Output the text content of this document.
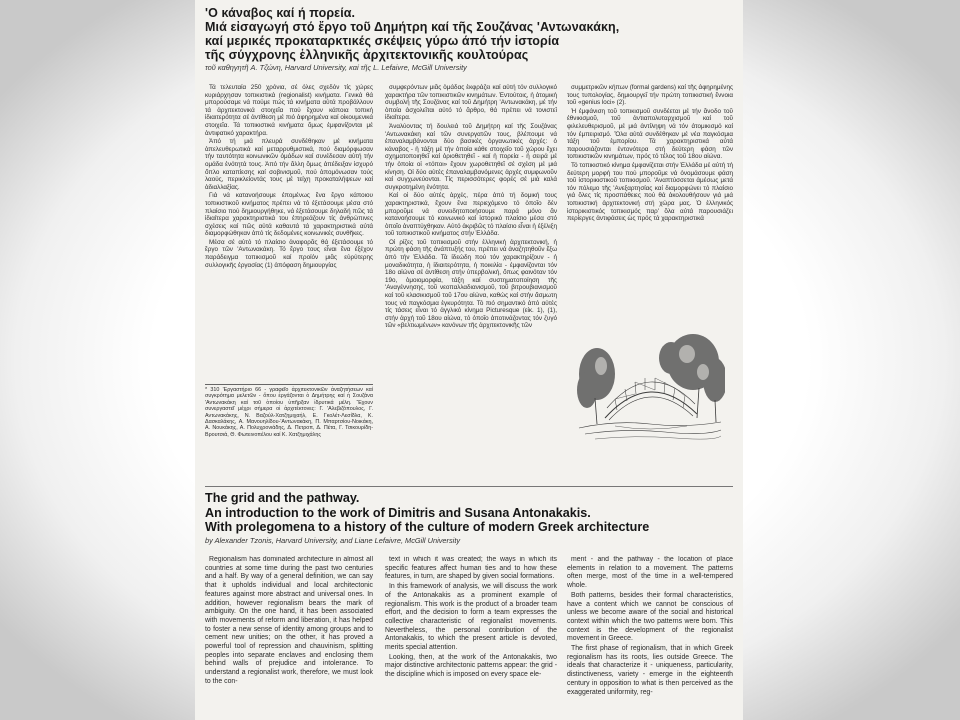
'Ο κάναβος καί ή πορεία.
Μιά εἰσαγωγή στό ἔργο τοῦ Δημήτρη καί τῆς Σουζάνας 'Αντωνακάκη,
καί μερικές προκαταρκτικές σκέψεις γύρω άπό τήν ἱστορία
τῆς σύγχρονης ἑλληνικῆς ἀρχιτεκτονικῆς κουλτούρας
τοῦ καθηγητῆ A. Τζώνη, Harvard University, καί τῆς L. Lefaivre, McGill University

Τά τελευταία 250 χρόνια, σέ όλες σχεδόν τίς χώρες κυριάρχησαν τοπικιστικά (regionalist) κινήματα. Γενικά θά μπορούσαμε νά πούμε πώς τά κινήματα αὐτά προβάλλουν τά ἀρχιτεκτονικά στοιχεῖα πού ἔχουν κάποια τοπική ἰδιαιτερότητα σέ ἀντίθεση μέ πιό ἀφηρημένα καί οἰκουμενικά στοιχεῖα. Τά τοπικιστικά κινήματα ὅμως ἐμφανίζονται μέ ἀντιφατικό χαρακτήρα.

Ἀπό τή μιά πλευρά συνδέθηκαν μέ κινήματα ἀπελευθερωτικά καί μεταρρυθμιστικά, πού διαμόρφωσαν τήν ταυτότητα κοινωνικῶν ὁμάδων καί συνέδεσαν αὐτή τήν ομάδα ἐνότητά τους. Ἀπό τήν ἄλλη ὅμως ἀπέδειξαν ἰσχυρό ὅπλο καταπίεσης καί σοβινισμοῦ, πού ἀπομόνωσαν τούς λαούς, περικλείοντάς τους μέ τείχη προκαταλήψεων καί ἀδιαλλαξίας.

Γιά νά κατανοήσουμε ἐπομένως ἕνα ἔργο κάποιου τοπικιστικοῦ κινήματος πρέπει νά τό ἐξετάσουμε μέσα στό πλαίσιο πού δημιουργήθηκε, νά ἐξετάσουμε δηλαδή πῶς τά ἰδιαίτερα χαρακτηριστικά του ἐπηρεάζουν τίς ἀνθρώπινες σχέσεις καί πῶς αὐτά καθαυτά τά χαρακτηριστικά αὐτά διαμορφώθηκαν ἀπό τίς δεδομένες κοινωνικές συνθῆκες.

Μέσα σέ αὐτό τό πλαίσιο ἀναφορᾶς θά ἐξετάσουμε τό ἔργο τῶν 'Αντωνακάκη. Τό ἔργο τους εἶναι ἕνα ἐξέχον παράδειγμα τοπικισμοῦ καί προϊόν μιᾶς εὐρύτερης συλλογικῆς ἐργασίας (1) ἀπόφαση δημιουργίας

* 310 'Εργαστήριο 66 - γραφεῖο ἀρχιτεκτονικῶν ἀναζητήσεων καί συγκρότημα μελετῶν - ὅπου ἐργάζονται ὁ Δημήτρης καί ἡ Σουζάνα 'Αντωνακάκη καί τοῦ ὁποίου ὑπῆρξαν ἱδρυτικά μέλη. Ἔχουν συνεργαστεῖ μέχρι σήμερα οἱ ἀρχιτέκτονες: Γ. 'Αλεβιζόπουλος, Γ. Αντωνακάκης, Ν. Βαζούλ-Χατζημιχαήλ, Ε. Γκολέτ-Λεσίδλα, Κ. Δασκαλάκης, Α. Μανουηλίδου-'Αντωνακάκη, Π. Μπαρτσίου-Νοικάκη, Α. Νουκάκης, Α. Πολυχρονιάδης, Δ. Πετροπ, Δ. Πέτα, Γ. Τσικουρίδη-Βρουτσιά, Θ. Φωτεινοπέλου καί Κ. Χατζημιχάλης

συμφερόντων μιᾶς ὁμάδας ἐκφράζει καί αὐτή τόν συλλογικό χαρακτήρα τῶν τοπικιστικῶν κινημάτων. Ἐντούτοις, ἡ ἀτομική συμβολή τῆς Σουζάνας καί τοῦ Δημήτρη 'Αντωνακάκη, μέ τήν ὁποία ἀσχολεῖται αὐτό τό ἄρθρο, θά πρέπει νά τονιστεῖ ἰδιαίτερα.

Ἀναλύοντας τή δουλειά τοῦ Δημήτρη καί τῆς Σουζάνας 'Αντωνακάκη καί τῶν συνεργατῶν τους, βλέπουμε νά ἐπαναλαμβάνονται δύο βασικές ὀργανωτικές ἀρχές: ὁ κάναβος - ἡ τάξη μέ τήν ὁποία κάθε στοιχεῖο τοῦ χώρου ἔχει σχηματοποιηθεῖ καί ὀριοθετηθεῖ - καί ἡ πορεία - ἡ σειρά μέ τήν ὁποία οἱ «τόποι» ἔχουν χωροθετηθεῖ σέ σχέση μέ μιά κίνηση. Οἱ δύο αὐτές ἐπαναλαμβανόμενες ἀρχές συμφωνοῦν καί συγχωνεύονται. Τίς περισσότερες φορές σέ μιά καλά συγκροτημένη ἑνότητα.

Καί οἱ δύο αὐτές ἀρχές, πέρα ἀπό τή δομική τους χαρακτηριστικά, ἔχουν ἕνα περιεχόμενο τό ὁποῖο δέν μποροῦμε νά συνειδητοποιήσουμε παρά μόνο ἄν κατανοήσουμε τό κοινωνικό καί ἱστορικό πλαίσιο μέσα στό ὁποῖο ἀναπτύχθηκαν. Αὐτό ἀκριβῶς τό πλαίσιο εἶναι ἡ ἐξέλιξη τοῦ τοπικιστικοῦ κινήματος στήν Ἑλλάδα.

Οἱ ρίζες τοῦ τοπικισμοῦ στήν ἑλληνική ἀρχιτεκτονική, ἡ πρώτη φάση τῆς ἀνάπτυξής του, πρέπει νά ἀναζητηθοῦν ἔξω ἀπό τήν Ἑλλάδα. Τά ἰδεώδη πού τόν χαρακτηρίζουν - ἡ μοναδικότητα, ἡ ἰδιαιτερότητα, ἡ ποικιλία - ἐμφανίζονται τόν 18ο αἰώνα σέ ἀντίθεση στήν ὑπερβολική, ὅπως φαινόταν τόν 19ο, ὁμοιομορφία, τάξη καί συστηματοποίηση τῆς 'Αναγέννησης, τοῦ νεοπαλλαδιανισμοῦ, τοῦ βιτρουβιανισμοῦ καί τοῦ κλασικισμοῦ τοῦ 17ου αἰώνα, καθώς καί στήν ἄσμωτη τους νά παγκόσμια ἐγκυρότητα. Τό πιό σημαντικό ἀπό αὐτές τίς τάσεις εἶναι τό ἀγγλικό κίνημα Picturesque (εἰκ. 1), (1), στήν ἀρχή τοῦ 18ου αἰώνα, τό ὁποῖο ἀποτινάζοντας τόν ζυγό τῶν «βελτιωμένων» κανόνων τῆς ἀρχιτεκτονικῆς τῶν

συμμετρικῶν κήπων (formal gardens) καί τῆς ἀφηρημένης τους τυπολογίας, δημιουργεῖ τήν πρώτη τοπικιστική ἔννοια τοῦ «genius loci» (2).

Ἡ ἐμφάνιση τοῦ τοπικισμοῦ συνδέεται μέ τήν ἄνοδο τοῦ ἐθνικισμοῦ, τοῦ ἀντιαπολυταρχισμοῦ καί τοῦ φιλελευθερισμοῦ, μέ μιά ἀντίληψη νά τόν ἀτομικισμό καί τόν ἐμπειρισμό. Ὅλα αὐτά συνδέθηκαν μέ νέα παγκόσμια τάξη τοῦ ἐμπορίου. Τά χαρακτηριστικά αὐτά παρουσιάζονται ἐντονότερα στή δεύτερη φάση τῶν τοπικιστικῶν κινημάτων, πρός τό τέλος τοῦ 18ου αἰώνα.

Τό τοπικιστικό κίνημα ἐμφανίζεται στήν Ἑλλάδα μέ αὐτή τή δεύτερη μορφή του πού μποροῦμε νά ὀνομάσουμε φάση τοῦ ἱστορικιστικοῦ τοπικισμοῦ. 'Αναπτύσσεται ἀμέσως μετά τόν πόλεμο τῆς 'Ανεξαρτησίας καί διαμορφώνει τό πλαίσιο γιά ὅλες τίς προσπάθειες πού θά ἀκολουθήσουν γιά μιά τοπικιστική ἀρχιτεκτονική στή χώρα μας. Ὁ ἑλληνικός ἱστορικιστικός τοπικισμός παρ' ὅλα αὐτά παρουσιάζει περίεργες ἀντιφάσεις ὡς πρός τά χαρακτηριστικά

The grid and the pathway.
An introduction to the work of Dimitris and Susana Antonakakis.
With prolegomena to a history of the culture of modern Greek architecture
by Alexander Tzonis, Harvard University, and Liane Lefaivre, McGill University

Regionalism has dominated architecture in almost all countries at some time during the past two centuries and a half. By way of a general definition, we can say that it upholds individual and local architectonic features against more abstract and universal ones. In addition, however regionalism bears the mark of ambiguity. On the one hand, it has been associated with movements of reform and liberation, it has helped to foster a new sense of identity among groups and to cement new unities; on the other, it has proved a powerful tool of repression and chauvinism, splitting peoples into separate enclaves and enclosing them behind walls of prejudice and intolerance. To understand a regionalist work, therefore, we must look to the con-

text in which it was created; the ways in which its specific features affect human ties and to how these features, in turn, are shaped by given social formations.

In this framework of analysis, we will discuss the work of the Antonakakis as a prominent example of regionalism. This work is the product of a broader team effort, and the decision to form a team expresses the collective characteristic of regionalist movements. Nevertheless, the personal contribution of the Antonakakis, to which the present article is devoted, merits special attention.

Looking, then, at the work of the Antonakakis, two major distinctive architectonic patterns appear: the grid - the discipline which is imposed on every space ele-

ment - and the pathway - the location of place elements in relation to a movement. The patterns often merge, most of the time in a well-tempered whole.

Both patterns, besides their formal characteristics, have a content which we cannot be conscious of unless we become aware of the social and historical context within which the two patterns were born. This context is the development of the regionalist movement in Greece.

The first phase of regionalism, that in which Greek regionalism has its roots, lies outside Greece. The ideals that characterize it - uniqueness, particularity, distinctiveness, variety - emerge in the eighteenth century in opposition to what is then perceived as the exaggerated uniformity, reg-
